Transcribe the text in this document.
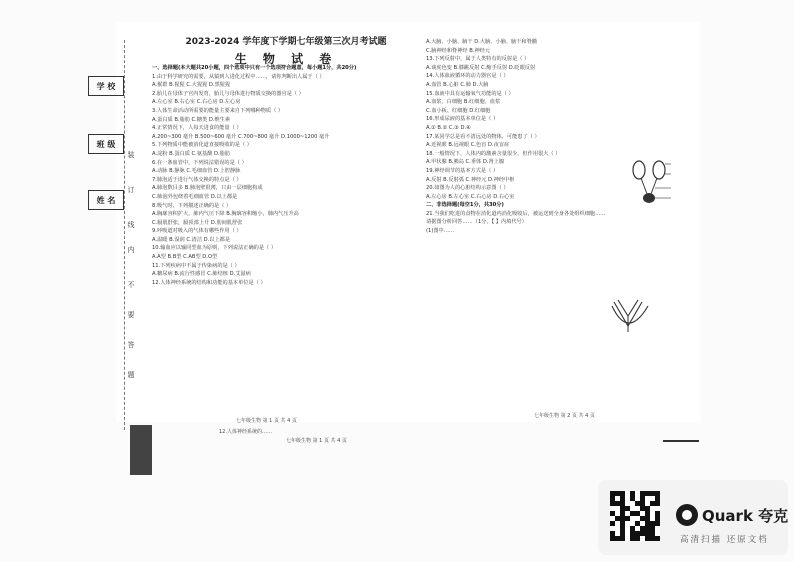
学 校
班 级
姓 名
装
订
线
内
不
要
答
题
2023-2024 学年度下学期七年级第三次月考试题
生 物 试 卷
一、选择题(本大题共20小题，四个选项中只有一个选项符合题意，每小题1分，共20分)
1.由于科学研究的需要，从猿到人进化过程中……，请你判断出人属于（ ）
A.猴群 B.猩猩 C.大猩猩 D.黑猩猩
2.胎儿在母体子宫内发育，胎儿与母体进行物质交换的器官是（ ）
A.左心室 B.右心室 C.右心房 D.左心房
3.人体生命活动所需要的能量主要来自下列哪种物质（ ）
A.蛋白质 B.脂肪 C.糖类 D.维生素
4.正常情况下，人每天进食的能量（ ）
A.200~300 毫升 B.500~600 毫升 C.700~800 毫升 D.1000~1200 毫升
5.下列物质中能被消化道直接吸收的是（ ）
A.淀粉 B.蛋白质 C.氨基酸 D.脂肪
6.在一条血管中，下列说法错误的是（ ）
A.动脉 B.静脉 C.毛细血管 D.上腔静脉
7.肺泡适于进行气体交换的特点是（ ）
A.肺泡数目多 B.肺泡壁很薄，只由一层细胞构成
C.肺泡外包绕着毛细血管 D.以上都是
8.吸气时，下列描述正确的是（ ）
A.胸廓容积扩大，肺内气压下降 B.胸廓容积缩小，肺内气压升高
C.膈肌舒张，膈顶部上升 D.肋间肌舒张
9.呼吸道对吸入的气体有哪些作用（ ）
A.温暖 B.湿润 C.清洁 D.以上都是
10.输血应以输同型血为原则，下列说法正确的是（ ）
A.A型 B.B型 C.AB型 D.O型
11.下列疾病中不属于传染病的是（ ）
A.糖尿病 B.流行性感冒 C.肺结核 D.艾滋病
12.人体神经系统的结构和功能的基本单位是（ ）
A.大脑、小脑、脑干 D.大脑、小脑、脑干和脊髓
C.脑神经和脊神经 B.神经元
13.下列反射中，属于人类特有的反射是（ ）
A.谈虎色变 B.膝跳反射 C.缩手反射 D.眨眼反射
14.人体血液循环的动力器官是（ ）
A.血管 B.心脏 C.肺 D.大脑
15.血液中具有运输氧气功能的是（ ）
A.血浆、白细胞 B.红细胞、血浆
C.血小板、红细胞 D.红细胞
16.形成尿液的基本单位是（ ）
A.① B.② C.③ D.④
17.某同学总是看不清远处的物体，可能患了（ ）
A.近视眼 B.远视眼 C.色盲 D.夜盲症
18.一般情况下，人体内的激素含量很少，但作用很大（ ）
A.甲状腺 B.胰岛 C.垂体 D.肾上腺
19.神经调节的基本方式是（ ）
A.反射 B.反射弧 C.神经元 D.神经中枢
20.如图为人的心脏结构示意图（ ）
A.左心房 B.左心室 C.右心房 D.右心室
二、非选择题(每空1分，共30分)
21.当我们吃进的食物在消化道内消化吸收后，被运送到全身各处组织细胞……
请据图分析回答……（1分，【 】内填代号）
(1)图中……
七年级生物 第 1 页 共 4 页
七年级生物 第 1 页 共 4 页
七年级生物 第 2 页 共 4 页
12.人体神经系统的……
Quark 夸克
高清扫描 还原文档
